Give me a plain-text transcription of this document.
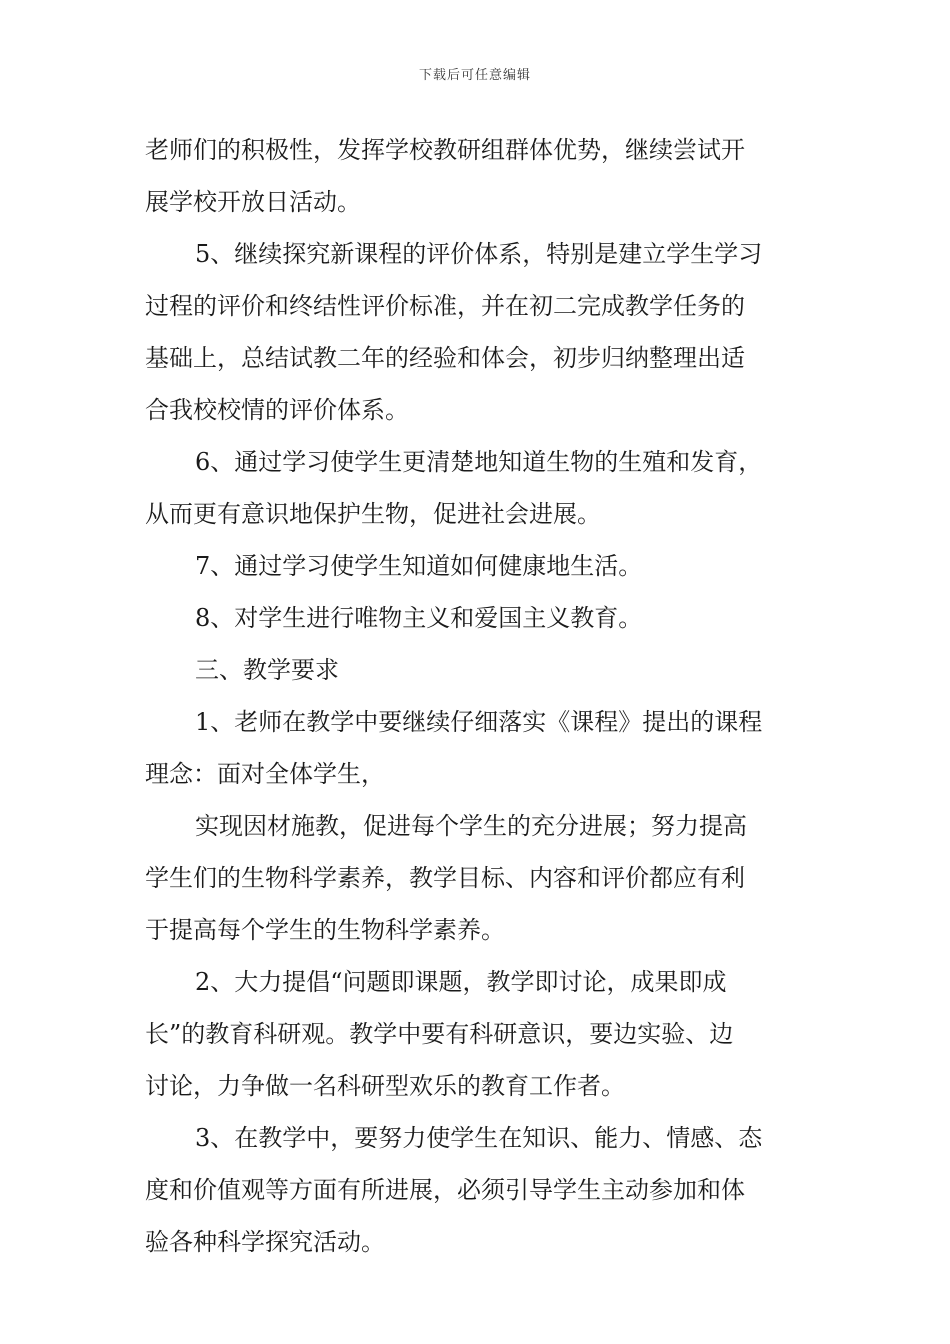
下载后可任意编辑
老师们的积极性，发挥学校教研组群体优势，继续尝试开
展学校开放日活动。
5、继续探究新课程的评价体系，特别是建立学生学习
过程的评价和终结性评价标准，并在初二完成教学任务的
基础上，总结试教二年的经验和体会，初步归纳整理出适
合我校校情的评价体系。
6、通过学习使学生更清楚地知道生物的生殖和发育，
从而更有意识地保护生物，促进社会进展。
7、通过学习使学生知道如何健康地生活。
8、对学生进行唯物主义和爱国主义教育。
三、教学要求
1、老师在教学中要继续仔细落实《课程》提出的课程
理念：面对全体学生，
实现因材施教，促进每个学生的充分进展；努力提高
学生们的生物科学素养，教学目标、内容和评价都应有利
于提高每个学生的生物科学素养。
2、大力提倡“问题即课题，教学即讨论，成果即成
长”的教育科研观。教学中要有科研意识，要边实验、边
讨论，力争做一名科研型欢乐的教育工作者。
3、在教学中，要努力使学生在知识、能力、情感、态
度和价值观等方面有所进展，必须引导学生主动参加和体
验各种科学探究活动。
